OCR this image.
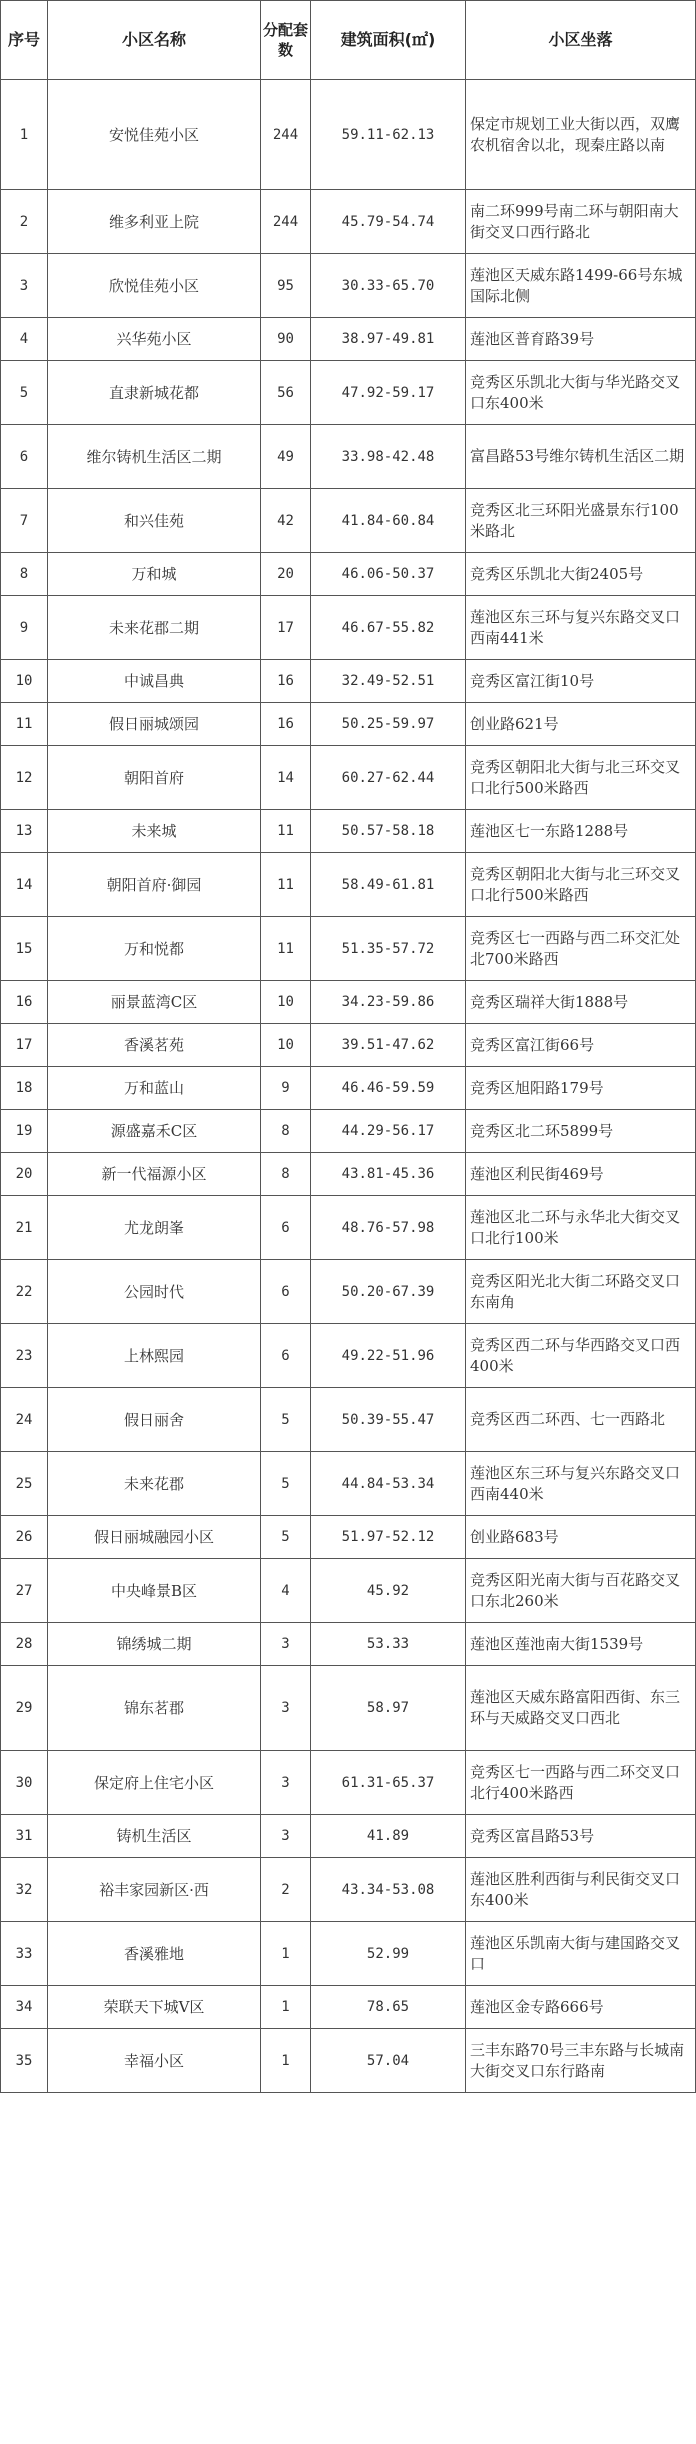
序号	小区名称	分配套数	建筑面积(㎡)	小区坐落
1	安悦佳苑小区	244	59.11-62.13	保定市规划工业大街以西，双鹰农机宿舍以北，现秦庄路以南
2	维多利亚上院	244	45.79-54.74	南二环999号南二环与朝阳南大街交叉口西行路北
3	欣悦佳苑小区	95	30.33-65.70	莲池区天威东路1499-66号东城国际北侧
4	兴华苑小区	90	38.97-49.81	莲池区普育路39号
5	直隶新城花都	56	47.92-59.17	竞秀区乐凯北大街与华光路交叉口东400米
6	维尔铸机生活区二期	49	33.98-42.48	富昌路53号维尔铸机生活区二期
7	和兴佳苑	42	41.84-60.84	竞秀区北三环阳光盛景东行100米路北
8	万和城	20	46.06-50.37	竞秀区乐凯北大街2405号
9	未来花郡二期	17	46.67-55.82	莲池区东三环与复兴东路交叉口西南441米
10	中诚昌典	16	32.49-52.51	竞秀区富江街10号
11	假日丽城颂园	16	50.25-59.97	创业路621号
12	朝阳首府	14	60.27-62.44	竞秀区朝阳北大街与北三环交叉口北行500米路西
13	未来城	11	50.57-58.18	莲池区七一东路1288号
14	朝阳首府·御园	11	58.49-61.81	竞秀区朝阳北大街与北三环交叉口北行500米路西
15	万和悦都	11	51.35-57.72	竞秀区七一西路与西二环交汇处北700米路西
16	丽景蓝湾C区	10	34.23-59.86	竞秀区瑞祥大街1888号
17	香溪茗苑	10	39.51-47.62	竞秀区富江街66号
18	万和蓝山	9	46.46-59.59	竞秀区旭阳路179号
19	源盛嘉禾C区	8	44.29-56.17	竞秀区北二环5899号
20	新一代福源小区	8	43.81-45.36	莲池区利民街469号
21	尤龙朗峯	6	48.76-57.98	莲池区北二环与永华北大街交叉口北行100米
22	公园时代	6	50.20-67.39	竞秀区阳光北大街二环路交叉口东南角
23	上林熙园	6	49.22-51.96	竞秀区西二环与华西路交叉口西400米
24	假日丽舍	5	50.39-55.47	竞秀区西二环西、七一西路北
25	未来花郡	5	44.84-53.34	莲池区东三环与复兴东路交叉口西南440米
26	假日丽城融园小区	5	51.97-52.12	创业路683号
27	中央峰景B区	4	45.92	竞秀区阳光南大街与百花路交叉口东北260米
28	锦绣城二期	3	53.33	莲池区莲池南大街1539号
29	锦东茗郡	3	58.97	莲池区天威东路富阳西街、东三环与天威路交叉口西北
30	保定府上住宅小区	3	61.31-65.37	竞秀区七一西路与西二环交叉口北行400米路西
31	铸机生活区	3	41.89	竞秀区富昌路53号
32	裕丰家园新区·西	2	43.34-53.08	莲池区胜利西街与利民街交叉口东400米
33	香溪雅地	1	52.99	莲池区乐凯南大街与建国路交叉口
34	荣联天下城V区	1	78.65	莲池区金专路666号
35	幸福小区	1	57.04	三丰东路70号三丰东路与长城南大街交叉口东行路南
